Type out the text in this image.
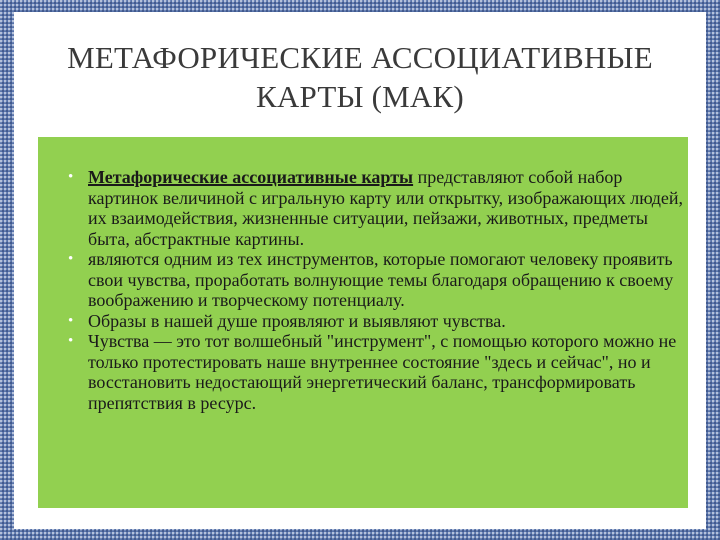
МЕТАФОРИЧЕСКИЕ АССОЦИАТИВНЫЕ
КАРТЫ (МАК)
• Метафорические ассоциативные карты представляют собой набор картинок величиной с игральную карту или открытку, изображающих людей, их взаимодействия, жизненные ситуации, пейзажи, животных, предметы быта, абстрактные картины.
• являются одним из тех инструментов, которые помогают человеку проявить свои чувства, проработать волнующие темы благодаря обращению к своему воображению и творческому потенциалу.
• Образы в нашей душе проявляют и выявляют чувства.
• Чувства — это тот волшебный "инструмент", с помощью которого можно не только протестировать наше внутреннее состояние "здесь и сейчас", но и восстановить недостающий энергетический баланс, трансформировать препятствия в ресурс.
